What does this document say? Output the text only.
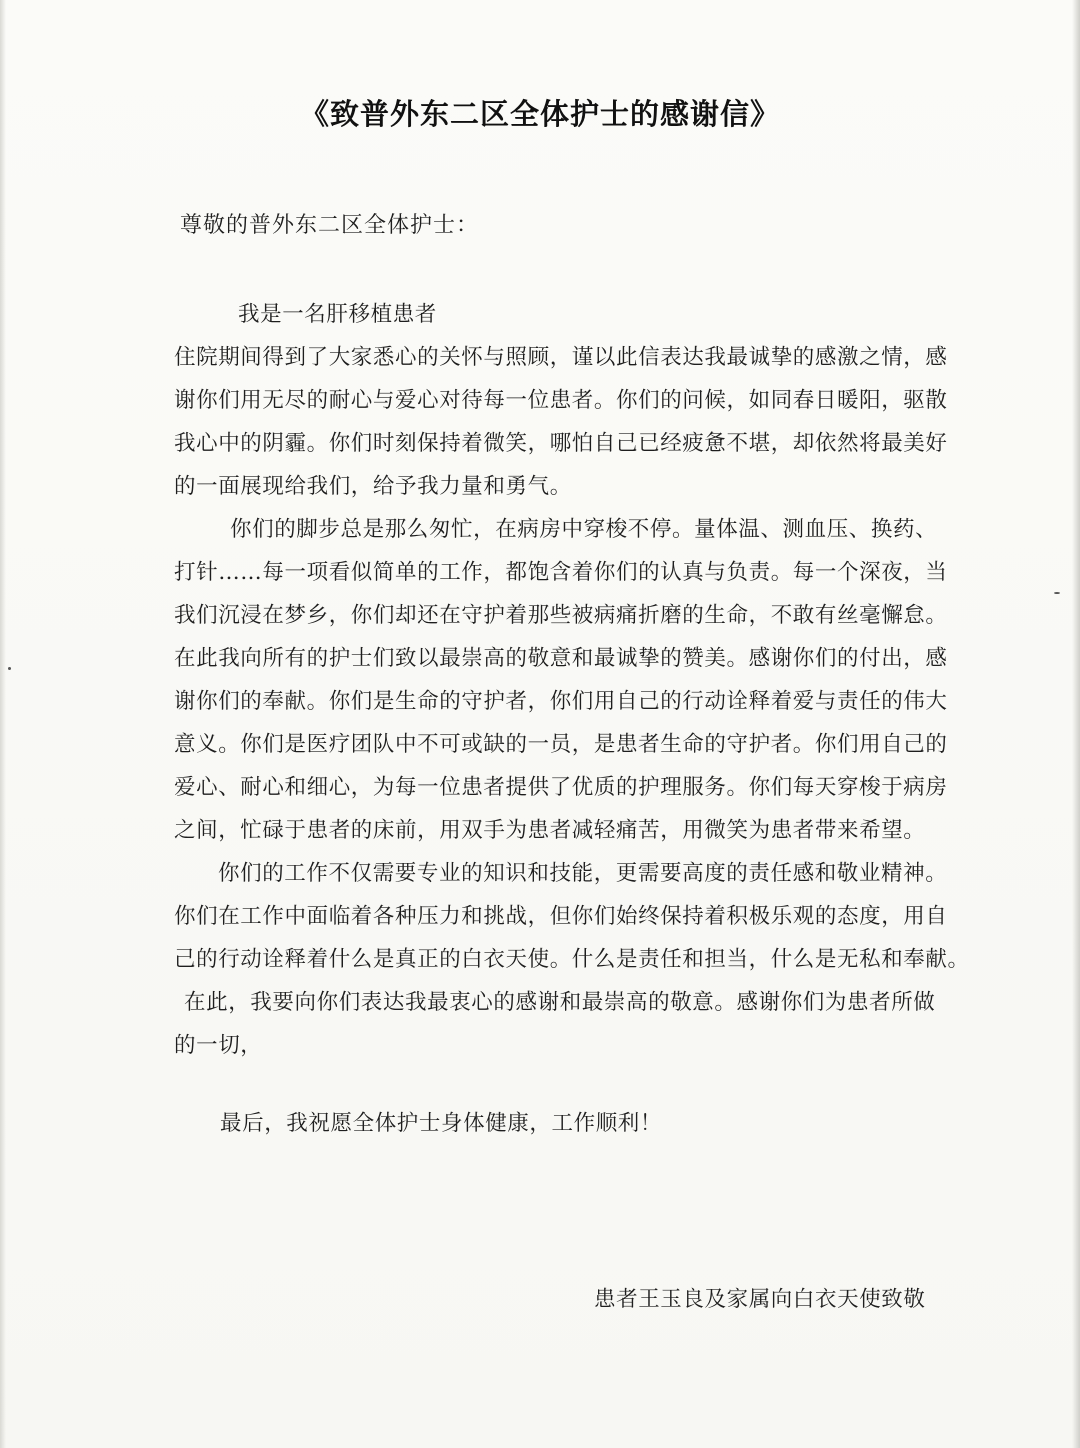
《致普外东二区全体护士的感谢信》
尊敬的普外东二区全体护士：
我是一名肝移植患者
住院期间得到了大家悉心的关怀与照顾，谨以此信表达我最诚挚的感激之情，感
谢你们用无尽的耐心与爱心对待每一位患者。你们的问候，如同春日暖阳，驱散
我心中的阴霾。你们时刻保持着微笑，哪怕自己已经疲惫不堪，却依然将最美好
的一面展现给我们，给予我力量和勇气。
你们的脚步总是那么匆忙，在病房中穿梭不停。量体温、测血压、换药、
打针……每一项看似简单的工作，都饱含着你们的认真与负责。每一个深夜，当
我们沉浸在梦乡，你们却还在守护着那些被病痛折磨的生命，不敢有丝毫懈怠。
在此我向所有的护士们致以最崇高的敬意和最诚挚的赞美。感谢你们的付出，感
谢你们的奉献。你们是生命的守护者，你们用自己的行动诠释着爱与责任的伟大
意义。你们是医疗团队中不可或缺的一员，是患者生命的守护者。你们用自己的
爱心、耐心和细心，为每一位患者提供了优质的护理服务。你们每天穿梭于病房
之间，忙碌于患者的床前，用双手为患者减轻痛苦，用微笑为患者带来希望。
你们的工作不仅需要专业的知识和技能，更需要高度的责任感和敬业精神。
你们在工作中面临着各种压力和挑战，但你们始终保持着积极乐观的态度，用自
己的行动诠释着什么是真正的白衣天使。什么是责任和担当，什么是无私和奉献。
在此，我要向你们表达我最衷心的感谢和最崇高的敬意。感谢你们为患者所做
的一切，
最后，我祝愿全体护士身体健康，工作顺利！
患者王玉良及家属向白衣天使致敬
